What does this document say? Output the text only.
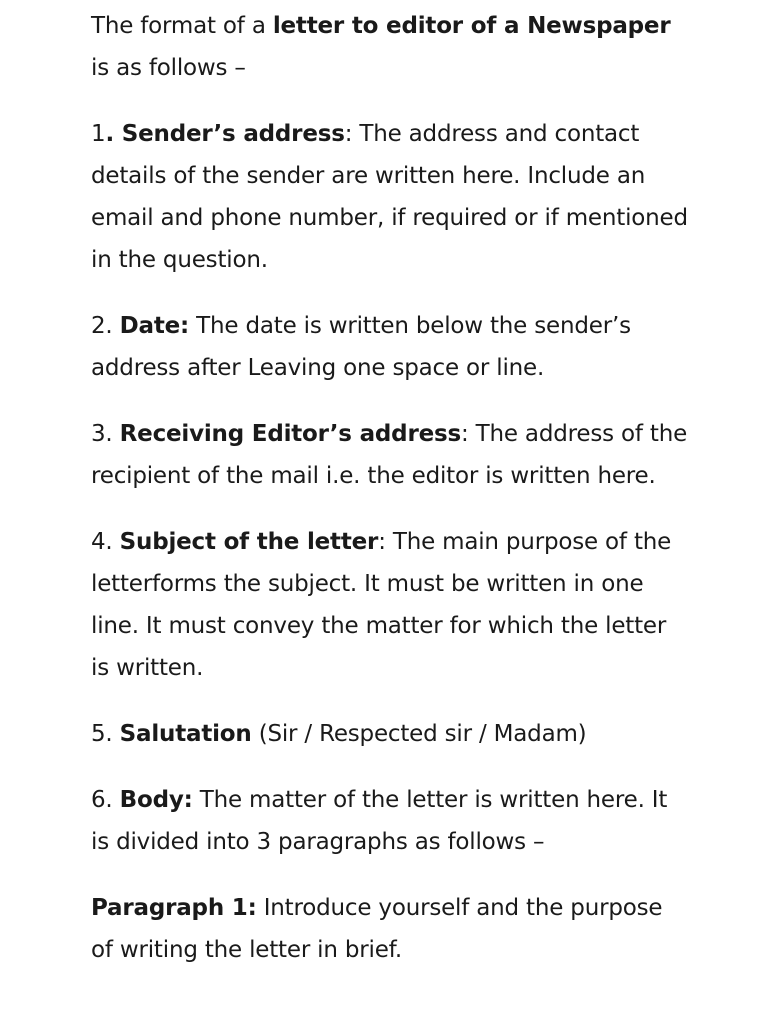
The format of a letter to editor of a Newspaper is as follows –

1. Sender’s address: The address and contact details of the sender are written here. Include an email and phone number, if required or if mentioned in the question.

2. Date: The date is written below the sender’s address after Leaving one space or line.

3. Receiving Editor’s address: The address of the recipient of the mail i.e. the editor is written here.

4. Subject of the letter: The main purpose of the letterforms the subject. It must be written in one line. It must convey the matter for which the letter is written.

5. Salutation (Sir / Respected sir / Madam)

6. Body: The matter of the letter is written here. It is divided into 3 paragraphs as follows –

Paragraph 1: Introduce yourself and the purpose of writing the letter in brief.
